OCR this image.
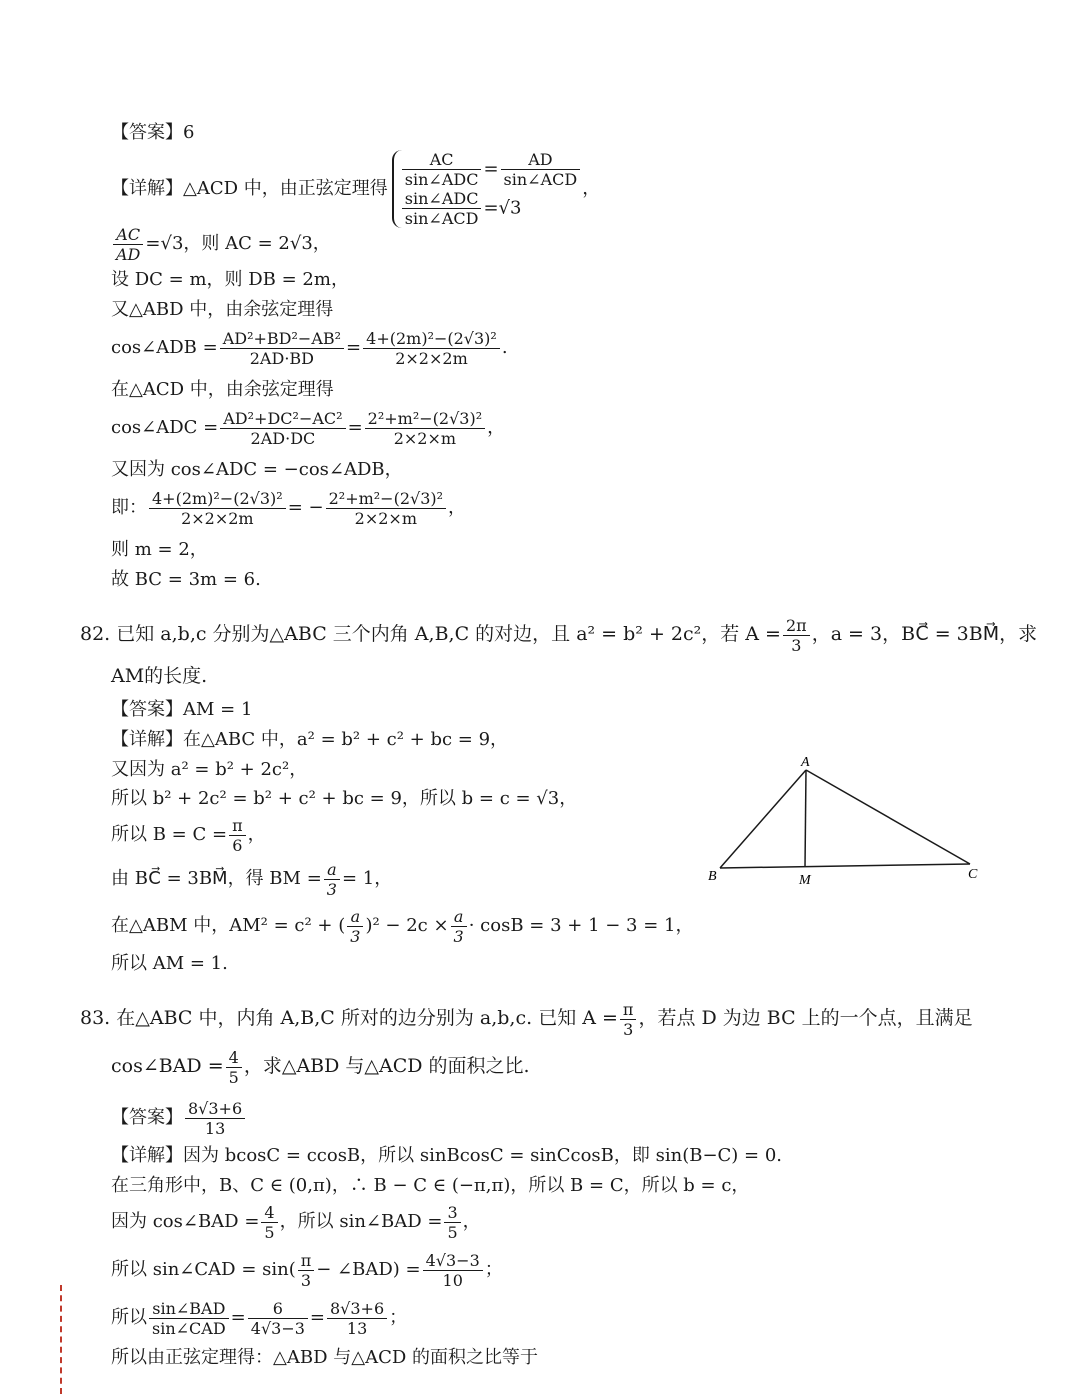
【答案】6
【详解】△ACD 中，由正弦定理得 $\frac{AC}{\text{sin∠ADC}} = \frac{AD}{\text{sin∠ACD}}$
$\frac{\text{sin∠ADC}}{\text{sin∠ACD}} =√3$
，
$\frac{AC}{AD} =√3$，则 AC = 2√3，
设 DC = m，则 DB = 2m，
又△ABD 中，由余弦定理得
cos∠ADB = $\frac{\text{AD²+BD²−AB²}}{2AD\cdot BD} = \frac{\text{4+(2m)²−(2√3)²}}{2\times 2\times 2m}$ .
在△ACD 中，由余弦定理得
cos∠ADC = $\frac{\text{AD²+DC²−AC²}}{2AD\cdot DC} = \frac{\text{2²+m²−(2√3)²}}{2\times 2\times m}$ ，
又因为 cos∠ADC = −cos∠ADB，
即： $\frac{\text{4+(2m)²−(2√3)²}}{2\times 2\times 2m}$ = − $\frac{\text{2²+m²−(2√3)²}}{2\times 2\times m}$ ，
则 m = 2，
故 BC = 3m = 6.
82. 已知 a,b,c 分别为△ABC 三个内角 A,B,C 的对边，且 a² = b² + 2c²，若 $A = \frac{2\pi}{3}$ ，a = 3，BC⃗ = 3BM⃗，求
AM的长度.
【答案】AM = 1
【详解】在△ABC 中，a² = b² + c² + bc = 9，
又因为 a² = b² + 2c²，
所以 b² + 2c² = b² + c² + bc = 9，所以 b = c = √3，
所以 $B = C = \frac{\pi}{6}$ ，
由 BC⃗ = 3BM⃗，得 BM = $\frac{a}{3} = 1$，
在△ABM 中，AM² = c² + ( $\frac{a}{3} )^2 - 2c \times \frac{a}{3} \cdot \cos B = 3 + 1 - 3 = 1$，
所以 AM = 1.
A
B	C
M
83. 在△ABC 中，内角 A,B,C 所对的边分别为 a,b,c. 已知 $A = \frac{\pi}{3}$ ，若点 D 为边 BC 上的一个点，且满足
cos∠BAD = $\frac{4}{5}$ ，求△ABD 与△ACD 的面积之比.
【答案】 $\frac{8√3+6}{13}$
【详解】因为 bcosC = ccosB，所以 sinBcosC = sinCcosB，即 sin(B−C) = 0.
在三角形中，B、C ∈ (0,π)，∴ B − C ∈ (−π,π)，所以 B = C，所以 b = c，
因为 cos∠BAD = $\frac{4}{5}$ ，所以 sin∠BAD = $\frac{3}{5}$ ，
所以 sin∠CAD = $\sin( \frac{\pi}{3}$ − ∠BAD) = $\frac{4√3-3}{10}$ ；
所以 $\frac{\text{sin∠BAD}}{\text{sin∠CAD}} = \frac{6}{4√3-3} = \frac{8√3+6}{13}$ ；
所以由正弦定理得：△ABD 与△ACD 的面积之比等于
